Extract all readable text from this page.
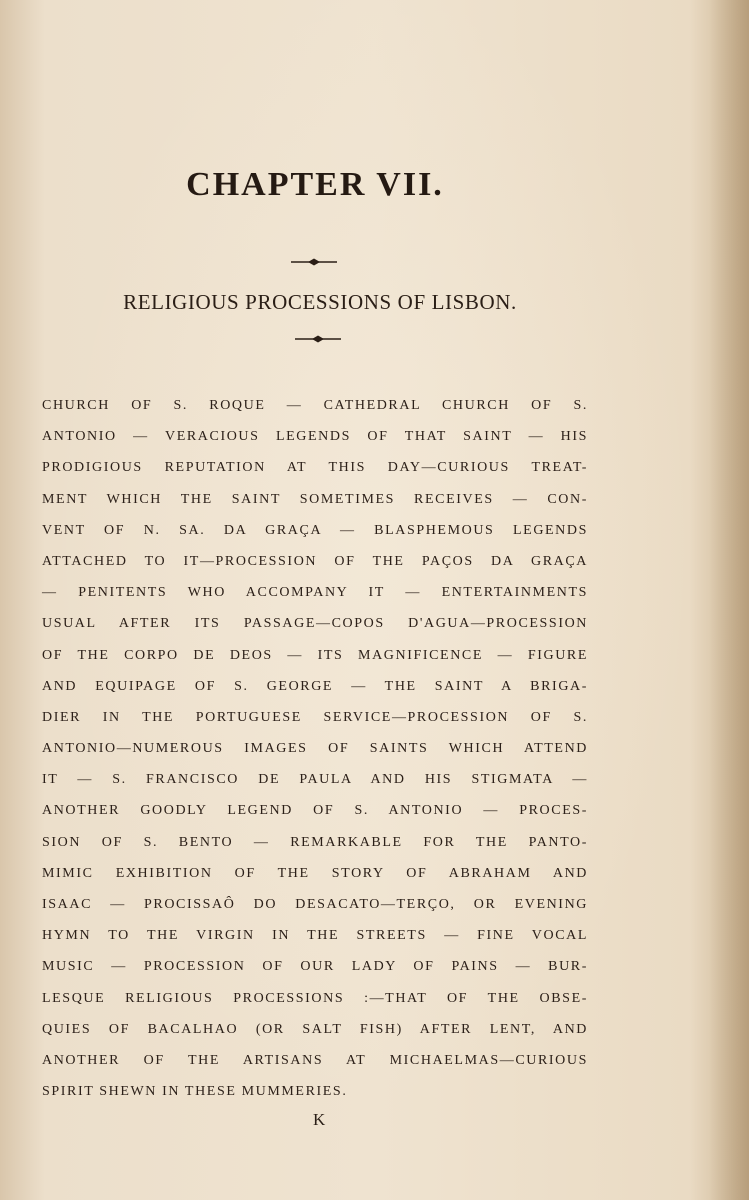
CHAPTER VII.
RELIGIOUS PROCESSIONS OF LISBON.
CHURCH OF S. ROQUE — CATHEDRAL CHURCH OF S.
ANTONIO — VERACIOUS LEGENDS OF THAT SAINT — HIS
PRODIGIOUS REPUTATION AT THIS DAY—CURIOUS TREAT-
MENT WHICH THE SAINT SOMETIMES RECEIVES — CON-
VENT OF N. SA. DA GRAÇA — BLASPHEMOUS LEGENDS
ATTACHED TO IT—PROCESSION OF THE PAÇOS DA GRAÇA
— PENITENTS WHO ACCOMPANY IT — ENTERTAINMENTS
USUAL AFTER ITS PASSAGE—COPOS D'AGUA—PROCESSION
OF THE CORPO DE DEOS — ITS MAGNIFICENCE — FIGURE
AND EQUIPAGE OF S. GEORGE — THE SAINT A BRIGA-
DIER IN THE PORTUGUESE SERVICE—PROCESSION OF S.
ANTONIO—NUMEROUS IMAGES OF SAINTS WHICH ATTEND
IT — S. FRANCISCO DE PAULA AND HIS STIGMATA —
ANOTHER GOODLY LEGEND OF S. ANTONIO — PROCES-
SION OF S. BENTO — REMARKABLE FOR THE PANTO-
MIMIC EXHIBITION OF THE STORY OF ABRAHAM AND
ISAAC — PROCISSAÔ DO DESACATO—TERÇO, OR EVENING
HYMN TO THE VIRGIN IN THE STREETS — FINE VOCAL
MUSIC — PROCESSION OF OUR LADY OF PAINS — BUR-
LESQUE RELIGIOUS PROCESSIONS :—THAT OF THE OBSE-
QUIES OF BACALHAO (OR SALT FISH) AFTER LENT, AND
ANOTHER OF THE ARTISANS AT MICHAELMAS—CURIOUS
SPIRIT SHEWN IN THESE MUMMERIES.
K
